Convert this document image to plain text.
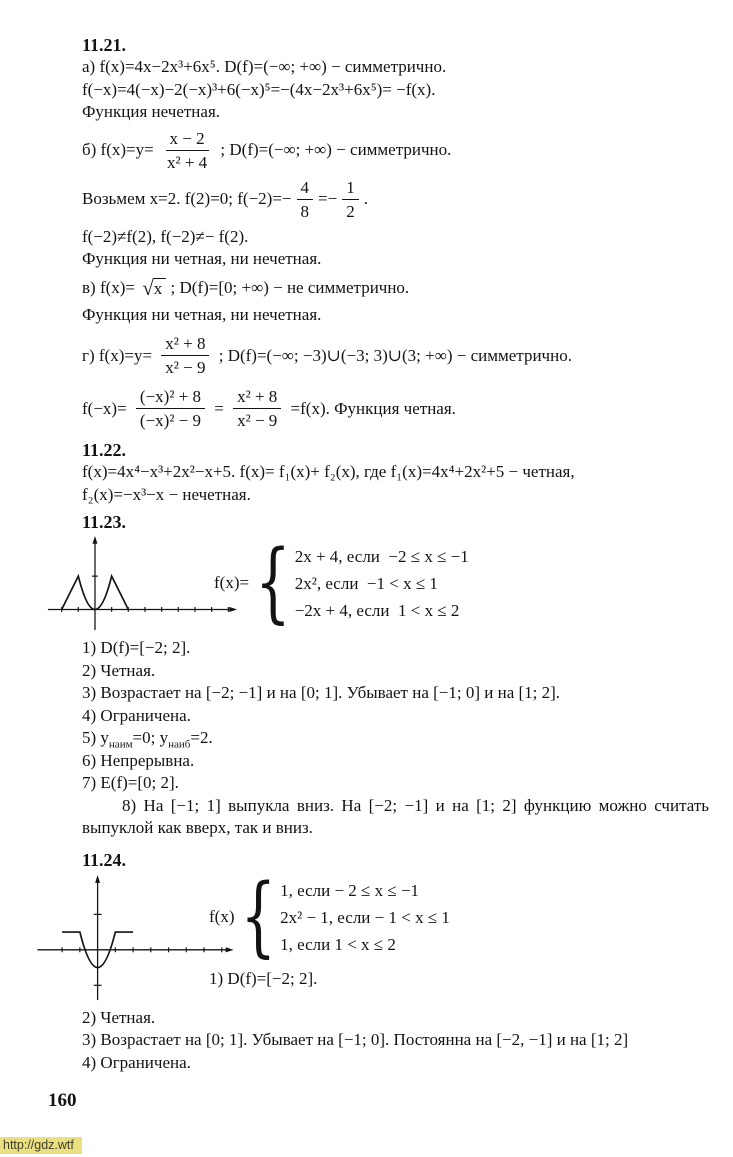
11.21.

а) f(x)=4x−2x³+6x⁵. D(f)=(−∞; +∞) − симметрично.

f(−x)=4(−x)−2(−x)³+6(−x)⁵=−(4x−2x³+6x⁵)= −f(x).

Функция нечетная.

б) $f(x)=y= \frac{x - 2}{\text{x² + 4}}$ ; D(f)=(−∞; +∞) − симметрично.
Возьмем x=2. f(2)=0; $f(-2)=- \frac{4}{8} =- \frac{1}{2}$ .

f(−2)≠f(2), f(−2)≠− f(2).

Функция ни четная, ни нечетная.

в) f(x)= √ x ; D(f)=[0; +∞) − не симметрично.

Функция ни четная, ни нечетная.

г) $f(x)=y= \frac{\text{x² + 8}}{\text{x² − 9}}$ ; D(f)=(−∞; −3)∪(−3; 3)∪(3; +∞) − симметрично.
$f(-x)= \frac{\text{(−x)² + 8}}{\text{(−x)² − 9}} = \frac{\text{x² + 8}}{\text{x² − 9}} =f(x)$. Функция четная.
11.22.

f(x)=4x⁴−x³+2x²−x+5. f(x)= f₁(x)+ f₂(x), где f₁(x)=4x⁴+2x²+5 − четная,

f₂(x)=−x³−x − нечетная.

11.23.
f(x)= { 2x + 4, если  −2 ≤ x ≤ −1
2x², если  −1 < x ≤ 1
−2x + 4, если  1 < x ≤ 2

1) D(f)=[−2; 2].

2) Четная.

3) Возрастает на [−2; −1] и на [0; 1]. Убывает на [−1; 0] и на [1; 2].

4) Ограничена.

5) $y_{наим}=0$; $y_{наиб}=2$.

6) Непрерывна.

7) E(f)=[0; 2].

8) На [−1; 1] выпукла вниз. На [−2; −1] и на [1; 2] функцию можно считать выпуклой как вверх, так и вниз.

11.24.
f(x) { 1, если − 2 ≤ x ≤ −1
2x² − 1, если − 1 < x ≤ 1
1, если 1 < x ≤ 2

1) D(f)=[−2; 2].

2) Четная.

3) Возрастает на [0; 1]. Убывает на [−1; 0]. Постоянна на [−2, −1] и на [1; 2]

4) Ограничена.

160
http://gdz.wtf
